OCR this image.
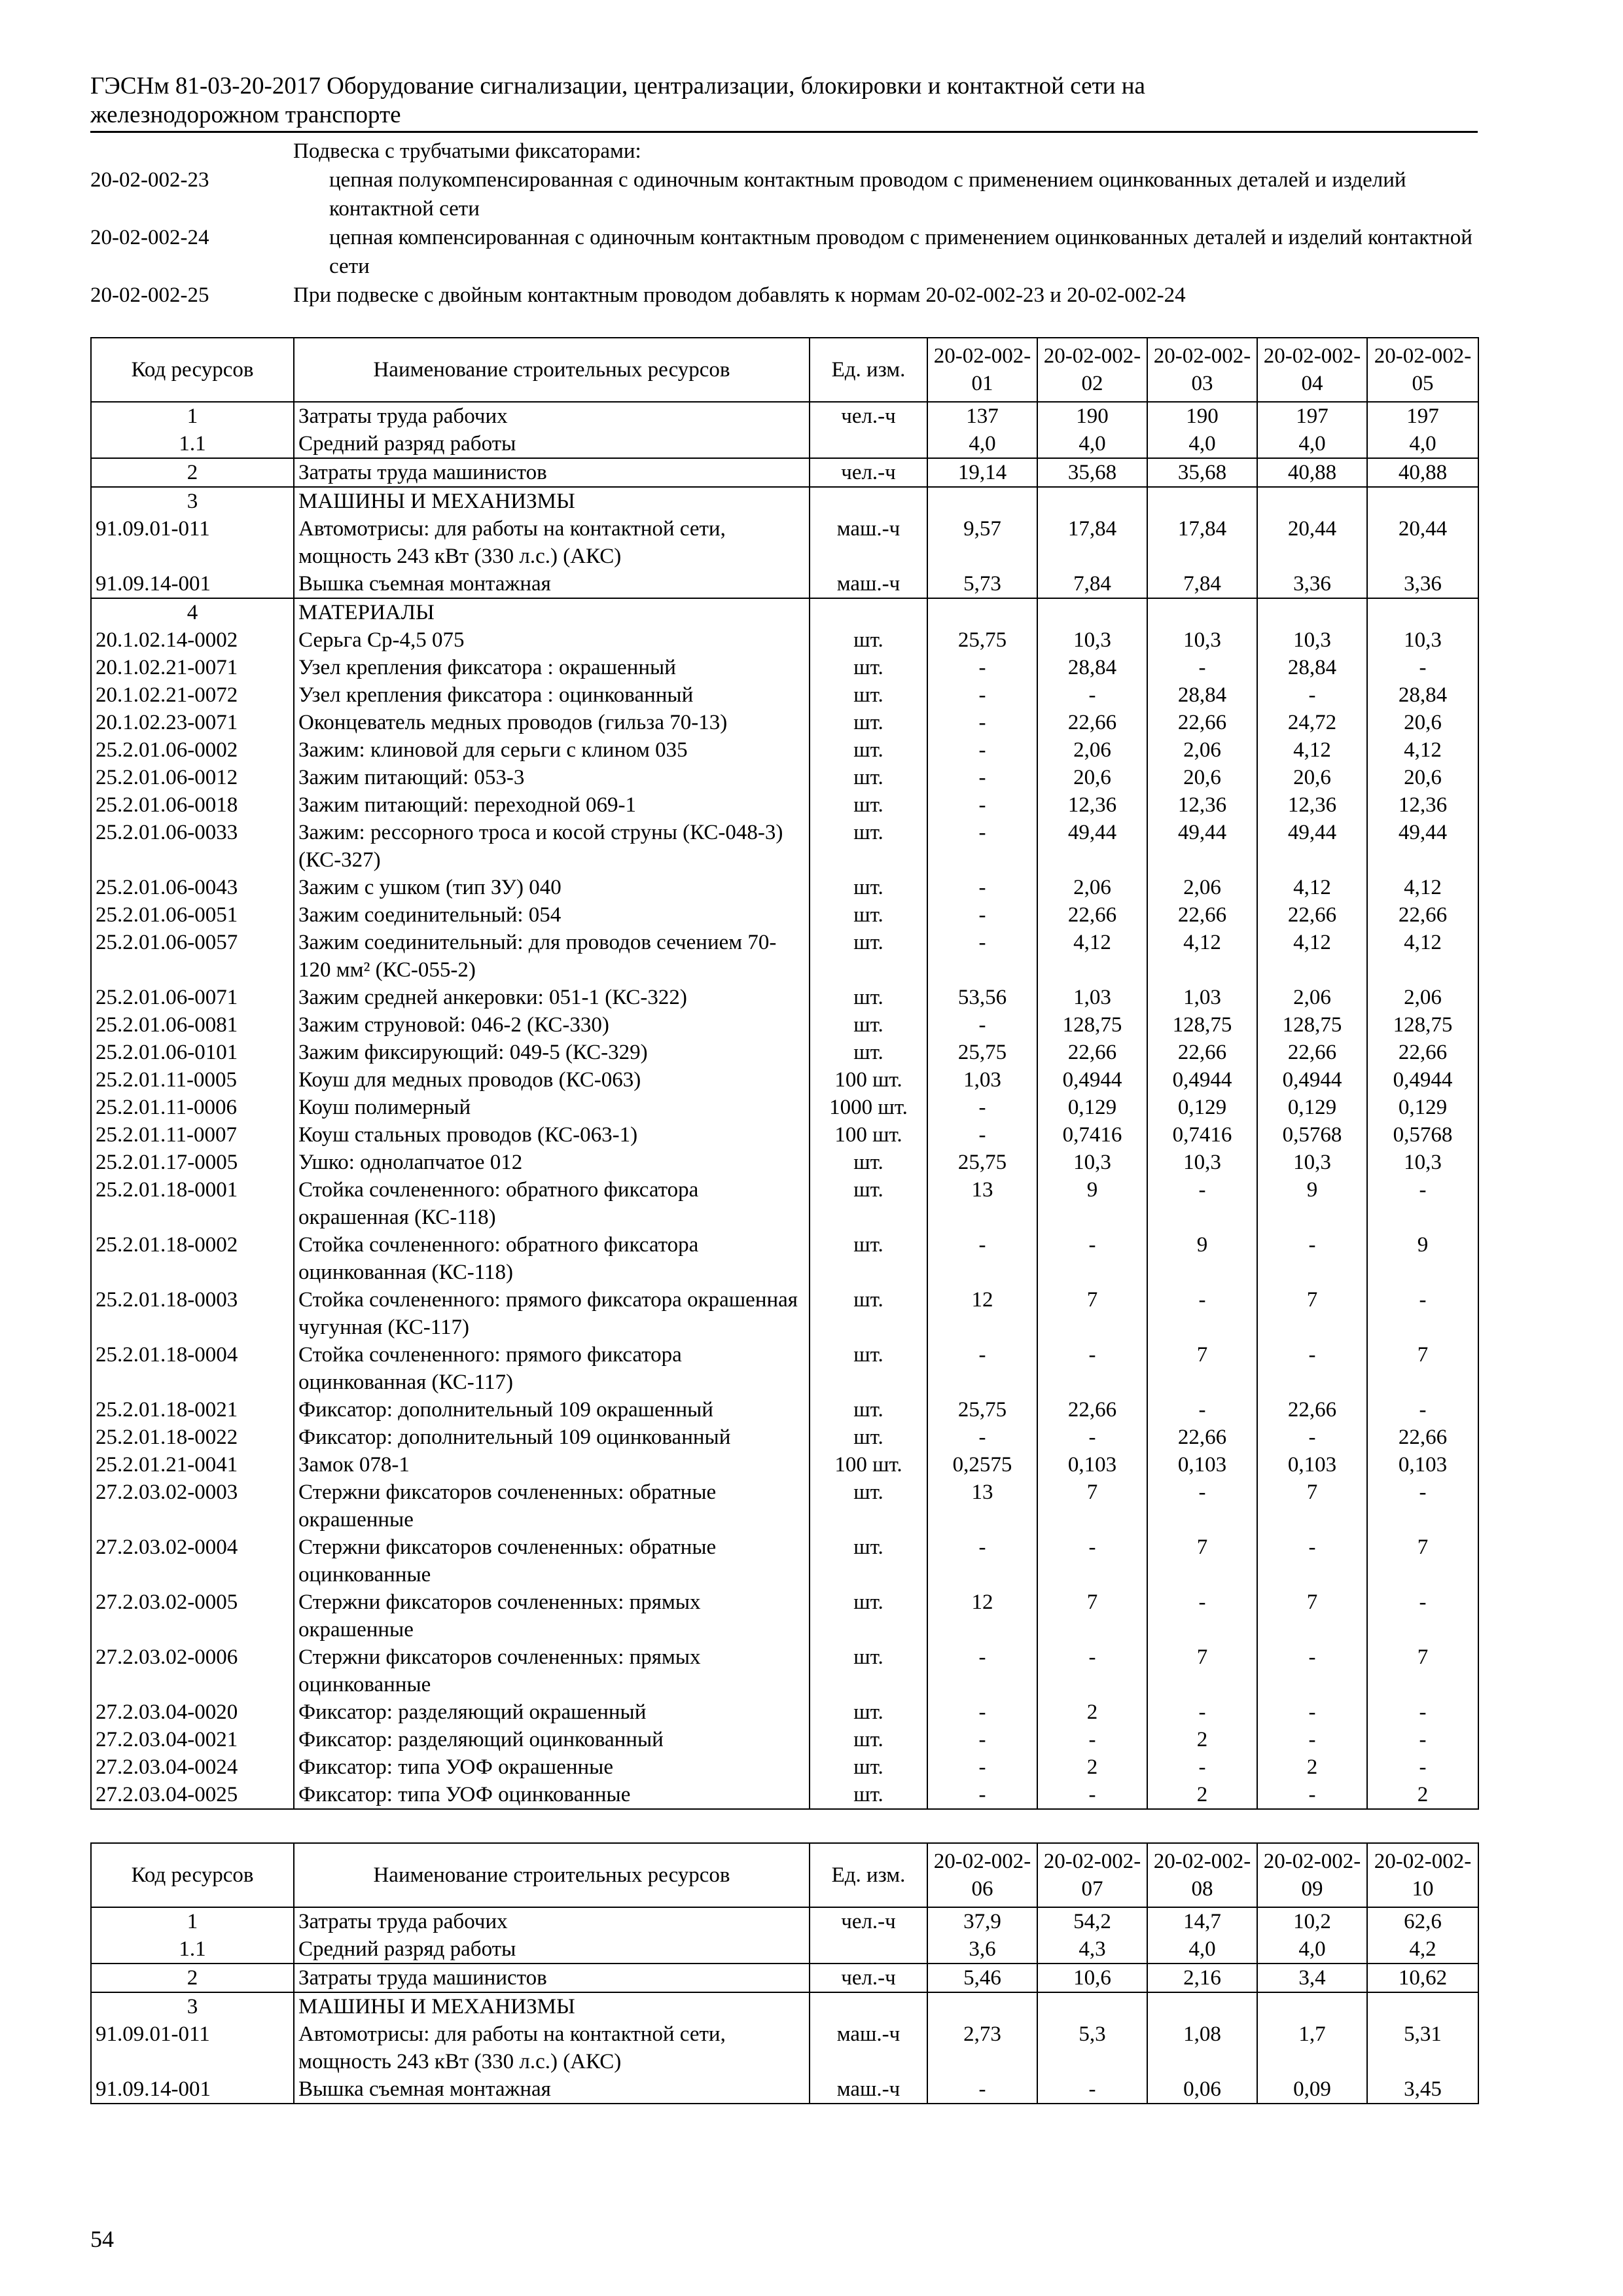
ГЭСНм 81-03-20-2017 Оборудование сигнализации, централизации, блокировки и контактной сети на
железнодорожном транспорте
Подвеска с трубчатыми фиксаторами:
20-02-002-23	цепная полукомпенсированная с одиночным контактным проводом с применением оцинкованных деталей и изделий контактной сети
20-02-002-24	цепная компенсированная с одиночным контактным проводом с применением оцинкованных деталей и изделий контактной сети
20-02-002-25	При подвеске с двойным контактным проводом добавлять к нормам 20-02-002-23 и 20-02-002-24
Код ресурсов	Наименование строительных ресурсов	Ед. изм.	20-02-002-01	20-02-002-02	20-02-002-03	20-02-002-04	20-02-002-05
1	Затраты труда рабочих	чел.-ч	137	190	190	197	197
1.1	Средний разряд работы		4,0	4,0	4,0	4,0	4,0
2	Затраты труда машинистов	чел.-ч	19,14	35,68	35,68	40,88	40,88
3	МАШИНЫ И МЕХАНИЗМЫ						
91.09.01-011	Автомотрисы: для работы на контактной сети, мощность 243 кВт (330 л.с.) (АКС)	маш.-ч	9,57	17,84	17,84	20,44	20,44
91.09.14-001	Вышка съемная монтажная	маш.-ч	5,73	7,84	7,84	3,36	3,36
4	МАТЕРИАЛЫ						
20.1.02.14-0002	Серьга Ср-4,5 075	шт.	25,75	10,3	10,3	10,3	10,3
20.1.02.21-0071	Узел крепления фиксатора : окрашенный	шт.	-	28,84	-	28,84	-
20.1.02.21-0072	Узел крепления фиксатора : оцинкованный	шт.	-	-	28,84	-	28,84
20.1.02.23-0071	Оконцеватель медных проводов (гильза 70-13)	шт.	-	22,66	22,66	24,72	20,6
25.2.01.06-0002	Зажим: клиновой для серьги с клином 035	шт.	-	2,06	2,06	4,12	4,12
25.2.01.06-0012	Зажим питающий: 053-3	шт.	-	20,6	20,6	20,6	20,6
25.2.01.06-0018	Зажим питающий: переходной 069-1	шт.	-	12,36	12,36	12,36	12,36
25.2.01.06-0033	Зажим: рессорного троса и косой струны (КС-048-3) (КС-327)	шт.	-	49,44	49,44	49,44	49,44
25.2.01.06-0043	Зажим с ушком (тип ЗУ) 040	шт.	-	2,06	2,06	4,12	4,12
25.2.01.06-0051	Зажим соединительный: 054	шт.	-	22,66	22,66	22,66	22,66
25.2.01.06-0057	Зажим соединительный: для проводов сечением 70-120 мм² (КС-055-2)	шт.	-	4,12	4,12	4,12	4,12
25.2.01.06-0071	Зажим средней анкеровки: 051-1 (КС-322)	шт.	53,56	1,03	1,03	2,06	2,06
25.2.01.06-0081	Зажим струновой: 046-2 (КС-330)	шт.	-	128,75	128,75	128,75	128,75
25.2.01.06-0101	Зажим фиксирующий: 049-5 (КС-329)	шт.	25,75	22,66	22,66	22,66	22,66
25.2.01.11-0005	Коуш для медных проводов (КС-063)	100 шт.	1,03	0,4944	0,4944	0,4944	0,4944
25.2.01.11-0006	Коуш полимерный	1000 шт.	-	0,129	0,129	0,129	0,129
25.2.01.11-0007	Коуш стальных проводов (КС-063-1)	100 шт.	-	0,7416	0,7416	0,5768	0,5768
25.2.01.17-0005	Ушко: однолапчатое 012	шт.	25,75	10,3	10,3	10,3	10,3
25.2.01.18-0001	Стойка сочлененного: обратного фиксатора окрашенная (КС-118)	шт.	13	9	-	9	-
25.2.01.18-0002	Стойка сочлененного: обратного фиксатора оцинкованная (КС-118)	шт.	-	-	9	-	9
25.2.01.18-0003	Стойка сочлененного: прямого фиксатора окрашенная чугунная (КС-117)	шт.	12	7	-	7	-
25.2.01.18-0004	Стойка сочлененного: прямого фиксатора оцинкованная (КС-117)	шт.	-	-	7	-	7
25.2.01.18-0021	Фиксатор: дополнительный 109 окрашенный	шт.	25,75	22,66	-	22,66	-
25.2.01.18-0022	Фиксатор: дополнительный 109 оцинкованный	шт.	-	-	22,66	-	22,66
25.2.01.21-0041	Замок 078-1	100 шт.	0,2575	0,103	0,103	0,103	0,103
27.2.03.02-0003	Стержни фиксаторов сочлененных: обратные окрашенные	шт.	13	7	-	7	-
27.2.03.02-0004	Стержни фиксаторов сочлененных: обратные оцинкованные	шт.	-	-	7	-	7
27.2.03.02-0005	Стержни фиксаторов сочлененных: прямых окрашенные	шт.	12	7	-	7	-
27.2.03.02-0006	Стержни фиксаторов сочлененных: прямых оцинкованные	шт.	-	-	7	-	7
27.2.03.04-0020	Фиксатор: разделяющий окрашенный	шт.	-	2	-	-	-
27.2.03.04-0021	Фиксатор: разделяющий оцинкованный	шт.	-	-	2	-	-
27.2.03.04-0024	Фиксатор: типа УОФ окрашенные	шт.	-	2	-	2	-
27.2.03.04-0025	Фиксатор: типа УОФ оцинкованные	шт.	-	-	2	-	2
Код ресурсов	Наименование строительных ресурсов	Ед. изм.	20-02-002-06	20-02-002-07	20-02-002-08	20-02-002-09	20-02-002-10
1	Затраты труда рабочих	чел.-ч	37,9	54,2	14,7	10,2	62,6
1.1	Средний разряд работы		3,6	4,3	4,0	4,0	4,2
2	Затраты труда машинистов	чел.-ч	5,46	10,6	2,16	3,4	10,62
3	МАШИНЫ И МЕХАНИЗМЫ						
91.09.01-011	Автомотрисы: для работы на контактной сети, мощность 243 кВт (330 л.с.) (АКС)	маш.-ч	2,73	5,3	1,08	1,7	5,31
91.09.14-001	Вышка съемная монтажная	маш.-ч	-	-	0,06	0,09	3,45
54
